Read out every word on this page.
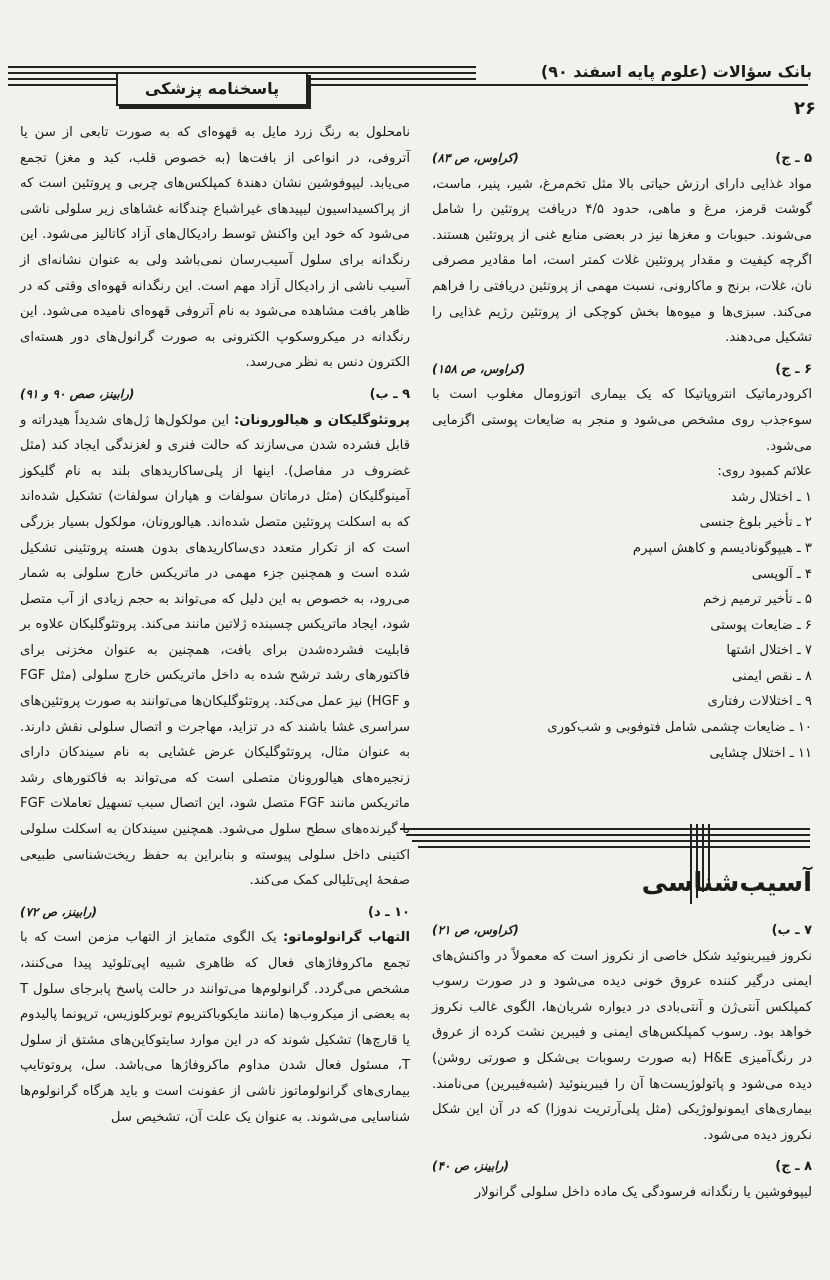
بانک سؤالات (علوم پایه اسفند ۹۰)
۲۶
پاسخنامه پزشکی
۵ ـ ج)
(کراوس، ص ۸۳)

مواد غذایی دارای ارزش حیاتی بالا مثل تخم‌مرغ، شیر، پنیر، ماست، گوشت قرمز، مرغ و ماهی، حدود ۴/۵ دریافت پروتئین را شامل می‌شوند. حبوبات و مغزها نیز در بعضی منابع غنی از پروتئین هستند. اگرچه کیفیت و مقدار پروتئین غلات کمتر است، اما مقادیر مصرفی نان، غلات، برنج و ماکارونی، نسبت مهمی از پروتئین دریافتی را فراهم می‌کند. سبزی‌ها و میوه‌ها بخش کوچکی از پروتئین رژیم غذایی را تشکیل می‌دهند.

۶ ـ ج)
(کراوس، ص ۱۵۸)

اکرودرماتیک انتروپاتیکا که یک بیماری اتوزومال مغلوب است با سوءجذب روی مشخص می‌شود و منجر به ضایعات پوستی اگزمایی می‌شود.

علائم کمبود روی:

۱ ـ اختلال رشد
۲ ـ تأخیر بلوغ جنسی
۳ ـ هیپوگونادیسم و کاهش اسپرم
۴ ـ آلوپسی
۵ ـ تأخیر ترمیم زخم
۶ ـ ضایعات پوستی
۷ ـ اختلال اشتها
۸ ـ نقص ایمنی
۹ ـ اختلالات رفتاری
۱۰ ـ ضایعات چشمی شامل فتوفوبی و شب‌کوری
۱۱ ـ اختلال چشایی
آسیب‌شناسی
۷ ـ ب)
(کراوس، ص ۲۱)

نکروز فیبرینوئید شکل خاصی از نکروز است که معمولاً در واکنش‌های ایمنی درگیر کننده عروق خونی دیده می‌شود و در صورت رسوب کمپلکس آنتی‌ژن و آنتی‌بادی در دیواره شریان‌ها، الگوی غالب نکروز خواهد بود. رسوب کمپلکس‌های ایمنی و فیبرین نشت کرده از عروق در رنگ‌آمیزی H&E (به صورت رسوبات بی‌شکل و صورتی روشن) دیده می‌شود و پاتولوژیست‌ها آن را فیبرینوئید (شبه‌فیبرین) می‌نامند. بیماری‌های ایمونولوژیکی (مثل پلی‌آرتریت ندوزا) که در آن این شکل نکروز دیده می‌شود.

۸ ـ ج)
(رابینز، ص ۴۰)

لیپوفوشین یا رنگدانه فرسودگی یک ماده داخل سلولی گرانولار

نامحلول به رنگ زرد مایل به قهوه‌ای که به صورت تابعی از سن یا آتروفی، در انواعی از بافت‌ها (به خصوص قلب، کبد و مغز) تجمع می‌یابد. لیپوفوشین نشان دهندهٔ کمپلکس‌های چربی و پروتئین است که از پراکسیداسیون لیپیدهای غیراشباع چندگانه غشاهای زیر سلولی ناشی می‌شود که خود این واکنش توسط رادیکال‌های آزاد کاتالیز می‌شود. این رنگدانه برای سلول آسیب‌رسان نمی‌باشد ولی به عنوان نشانه‌ای از آسیب ناشی از رادیکال آزاد مهم است. این رنگدانه قهوه‌ای وقتی که در ظاهر بافت مشاهده می‌شود به نام آتروفی قهوه‌ای نامیده می‌شود. این رنگدانه در میکروسکوپ الکترونی به صورت گرانول‌های دور هسته‌ای الکترون دنس به نظر می‌رسد.

۹ ـ ب)
(رابینز، صص ۹۰ و ۹۱)

پروتئوگلیکان و هیالورونان: این مولکول‌ها ژل‌های شدیداً هیدراته و قابل فشرده شدن می‌سازند که حالت فنری و لغزندگی ایجاد کند (مثل غضروف در مفاصل). اینها از پلی‌ساکاریدهای بلند به نام گلیکوز آمینوگلیکان (مثل درماتان سولفات و هپاران سولفات) تشکیل شده‌اند که به اسکلت پروتئین متصل شده‌اند. هیالورونان، مولکول بسیار بزرگی است که از تکرار متعدد دی‌ساکاریدهای بدون هسته پروتئینی تشکیل شده است و همچنین جزء مهمی در ماتریکس خارج سلولی به شمار می‌رود، به خصوص به این دلیل که می‌تواند به حجم زیادی از آب متصل شود، ایجاد ماتریکس چسبنده ژلاتین مانند می‌کند. پروتئوگلیکان علاوه بر قابلیت فشرده‌شدن برای بافت، همچنین به عنوان مخزنی برای فاکتورهای رشد ترشح شده به داخل ماتریکس خارج سلولی (مثل FGF و HGF) نیز عمل می‌کند. پروتئوگلیکان‌ها می‌توانند به صورت پروتئین‌های سراسری غشا باشند که در تزاید، مهاجرت و اتصال سلولی نقش دارند. به عنوان مثال، پروتئوگلیکان عرض غشایی به نام سیندکان دارای زنجیره‌های هیالورونان متصلی است که می‌تواند به فاکتورهای رشد ماتریکس مانند FGF متصل شود، این اتصال سبب تسهیل تعاملات FGF با گیرنده‌های سطح سلول می‌شود. همچنین سیندکان به اسکلت سلولی اکتینی داخل سلولی پیوسته و بنابراین به حفظ ریخت‌شناسی طبیعی صفحهٔ اپی‌تلیالی کمک می‌کند.

۱۰ ـ د)
(رابینز، ص ۷۲)

التهاب گرانولوماتو: یک الگوی متمایز از التهاب مزمن است که با تجمع ماکروفاژهای فعال که ظاهری شبیه اپی‌تلوئید پیدا می‌کنند، مشخص می‌گردد. گرانولوم‌ها می‌توانند در حالت پاسخ پابرجای سلول T به بعضی از میکروب‌ها (مانند مایکوباکتریوم توبرکلوزیس، ترپونما پالیدوم یا قارچ‌ها) تشکیل شوند که در این موارد سایتوکاین‌های مشتق از سلول T، مسئول فعال شدن مداوم ماکروفاژها می‌باشد. سل، پروتوتایپ بیماری‌های گرانولوماتوز ناشی از عفونت است و باید هرگاه گرانولوم‌ها شناسایی می‌شوند. به عنوان یک علت آن، تشخیص سل
